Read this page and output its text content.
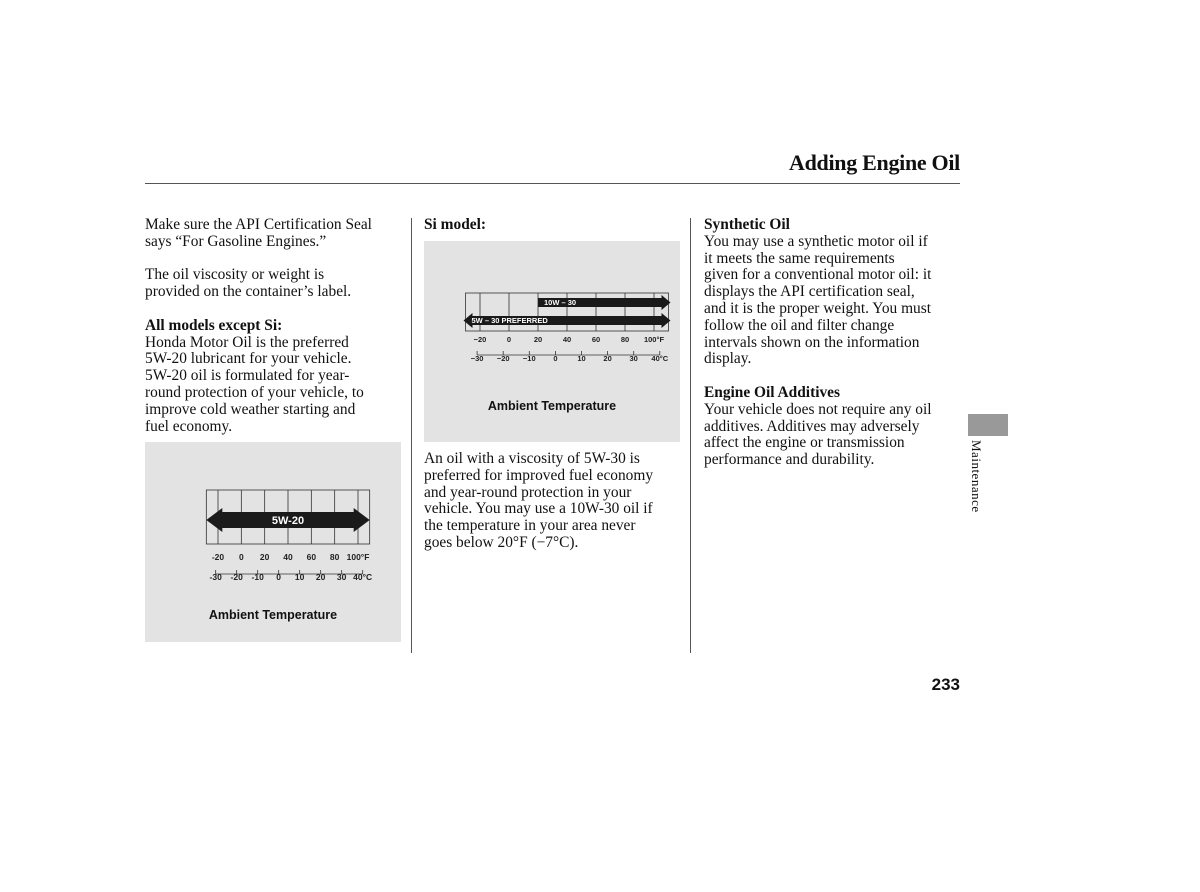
Adding Engine Oil

Make sure the API Certification Seal
says “For Gasoline Engines.”

The oil viscosity or weight is
provided on the container’s label.

All models except Si:

Honda Motor Oil is the preferred
5W-20 lubricant for your vehicle.
5W-20 oil is formulated for year-
round protection of your vehicle, to
improve cold weather starting and
fuel economy.

5W-20
-20 0 20 40 60 80 100°F
-30 -20 -10 0 10 20 30 40°C
Ambient Temperature

Si model:

10W – 30
5W – 30 PREFERRED
−20	0	20	40	60	80 100°F
−30 −20 −10 0	10 20 30 40°C
Ambient Temperature

An oil with a viscosity of 5W-30 is
preferred for improved fuel economy
and year-round protection in your
vehicle. You may use a 10W-30 oil if
the temperature in your area never
goes below 20°F (−7°C).

Synthetic Oil

You may use a synthetic motor oil if
it meets the same requirements
given for a conventional motor oil: it
displays the API certification seal,
and it is the proper weight. You must
follow the oil and filter change
intervals shown on the information
display.

Engine Oil Additives

Your vehicle does not require any oil
additives. Additives may adversely
affect the engine or transmission
performance and durability.	Maintenance
233
